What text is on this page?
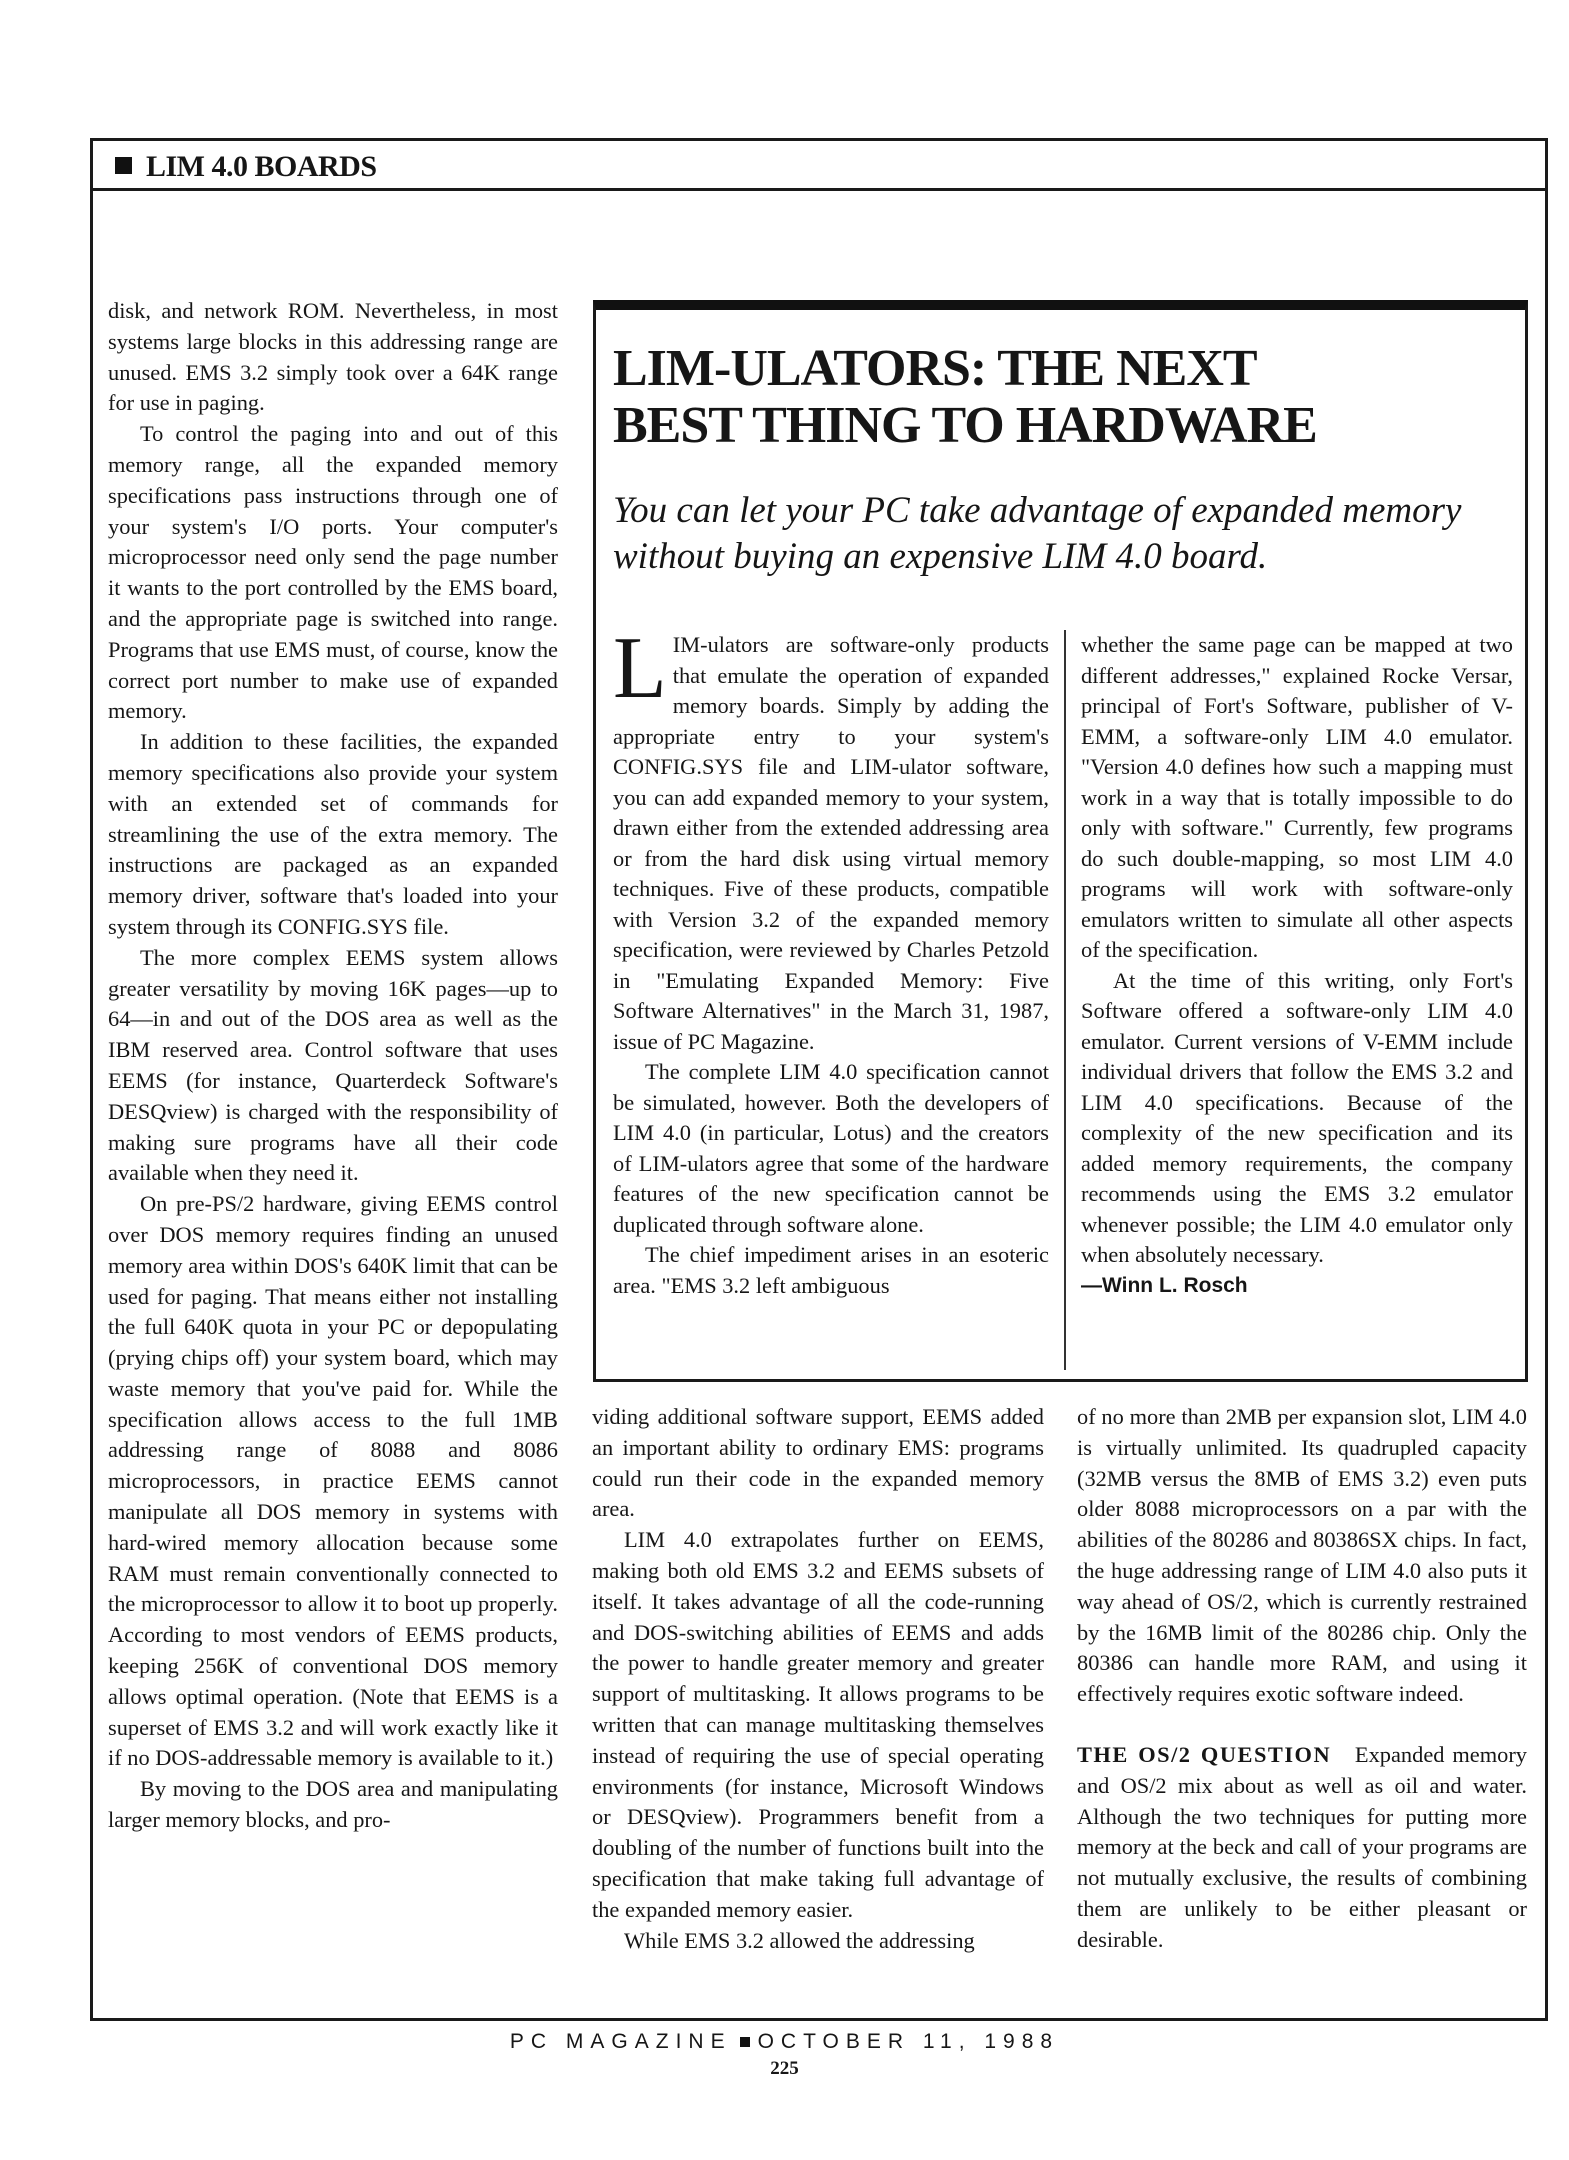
LIM 4.0 BOARDS

disk, and network ROM. Nevertheless, in most systems large blocks in this addressing range are unused. EMS 3.2 simply took over a 64K range for use in paging.

To control the paging into and out of this memory range, all the expanded memory specifications pass instructions through one of your system's I/O ports. Your computer's microprocessor need only send the page number it wants to the port controlled by the EMS board, and the appropriate page is switched into range. Programs that use EMS must, of course, know the correct port number to make use of expanded memory.

In addition to these facilities, the expanded memory specifications also provide your system with an extended set of commands for streamlining the use of the extra memory. The instructions are packaged as an expanded memory driver, software that's loaded into your system through its CONFIG.SYS file.

The more complex EEMS system allows greater versatility by moving 16K pages—up to 64—in and out of the DOS area as well as the IBM reserved area. Control software that uses EEMS (for instance, Quarterdeck Software's DESQview) is charged with the responsibility of making sure programs have all their code available when they need it.

On pre-PS/2 hardware, giving EEMS control over DOS memory requires finding an unused memory area within DOS's 640K limit that can be used for paging. That means either not installing the full 640K quota in your PC or depopulating (prying chips off) your system board, which may waste memory that you've paid for. While the specification allows access to the full 1MB addressing range of 8088 and 8086 microprocessors, in practice EEMS cannot manipulate all DOS memory in systems with hard-wired memory allocation because some RAM must remain conventionally connected to the microprocessor to allow it to boot up properly. According to most vendors of EEMS products, keeping 256K of conventional DOS memory allows optimal operation. (Note that EEMS is a superset of EMS 3.2 and will work exactly like it if no DOS-addressable memory is available to it.)

By moving to the DOS area and manipulating larger memory blocks, and pro-

LIM-ULATORS: THE NEXT
BEST THING TO HARDWARE
You can let your PC take advantage of expanded memory without buying an expensive LIM 4.0 board.

LIM-ulators are software-only products that emulate the operation of expanded memory boards. Simply by adding the appropriate entry to your system's CONFIG.SYS file and LIM-ulator software, you can add expanded memory to your system, drawn either from the extended addressing area or from the hard disk using virtual memory techniques. Five of these products, compatible with Version 3.2 of the expanded memory specification, were reviewed by Charles Petzold in "Emulating Expanded Memory: Five Software Alternatives" in the March 31, 1987, issue of PC Magazine.

The complete LIM 4.0 specification cannot be simulated, however. Both the developers of LIM 4.0 (in particular, Lotus) and the creators of LIM-ulators agree that some of the hardware features of the new specification cannot be duplicated through software alone.

The chief impediment arises in an esoteric area. "EMS 3.2 left ambiguous

whether the same page can be mapped at two different addresses," explained Rocke Versar, principal of Fort's Software, publisher of V-EMM, a software-only LIM 4.0 emulator. "Version 4.0 defines how such a mapping must work in a way that is totally impossible to do only with software." Currently, few programs do such double-mapping, so most LIM 4.0 programs will work with software-only emulators written to simulate all other aspects of the specification.

At the time of this writing, only Fort's Software offered a software-only LIM 4.0 emulator. Current versions of V-EMM include individual drivers that follow the EMS 3.2 and LIM 4.0 specifications. Because of the complexity of the new specification and its added memory requirements, the company recommends using the EMS 3.2 emulator whenever possible; the LIM 4.0 emulator only when absolutely necessary.

—Winn L. Rosch

viding additional software support, EEMS added an important ability to ordinary EMS: programs could run their code in the expanded memory area.

LIM 4.0 extrapolates further on EEMS, making both old EMS 3.2 and EEMS subsets of itself. It takes advantage of all the code-running and DOS-switching abilities of EEMS and adds the power to handle greater memory and greater support of multitasking. It allows programs to be written that can manage multitasking themselves instead of requiring the use of special operating environments (for instance, Microsoft Windows or DESQview). Programmers benefit from a doubling of the number of functions built into the specification that make taking full advantage of the expanded memory easier.

While EMS 3.2 allowed the addressing

of no more than 2MB per expansion slot, LIM 4.0 is virtually unlimited. Its quadrupled capacity (32MB versus the 8MB of EMS 3.2) even puts older 8088 microprocessors on a par with the abilities of the 80286 and 80386SX chips. In fact, the huge addressing range of LIM 4.0 also puts it way ahead of OS/2, which is currently restrained by the 16MB limit of the 80286 chip. Only the 80386 can handle more RAM, and using it effectively requires exotic software indeed.

THE OS/2 QUESTION Expanded memory and OS/2 mix about as well as oil and water. Although the two techniques for putting more memory at the beck and call of your programs are not mutually exclusive, the results of combining them are unlikely to be either pleasant or desirable.

PC MAGAZINE OCTOBER 11, 1988
225
